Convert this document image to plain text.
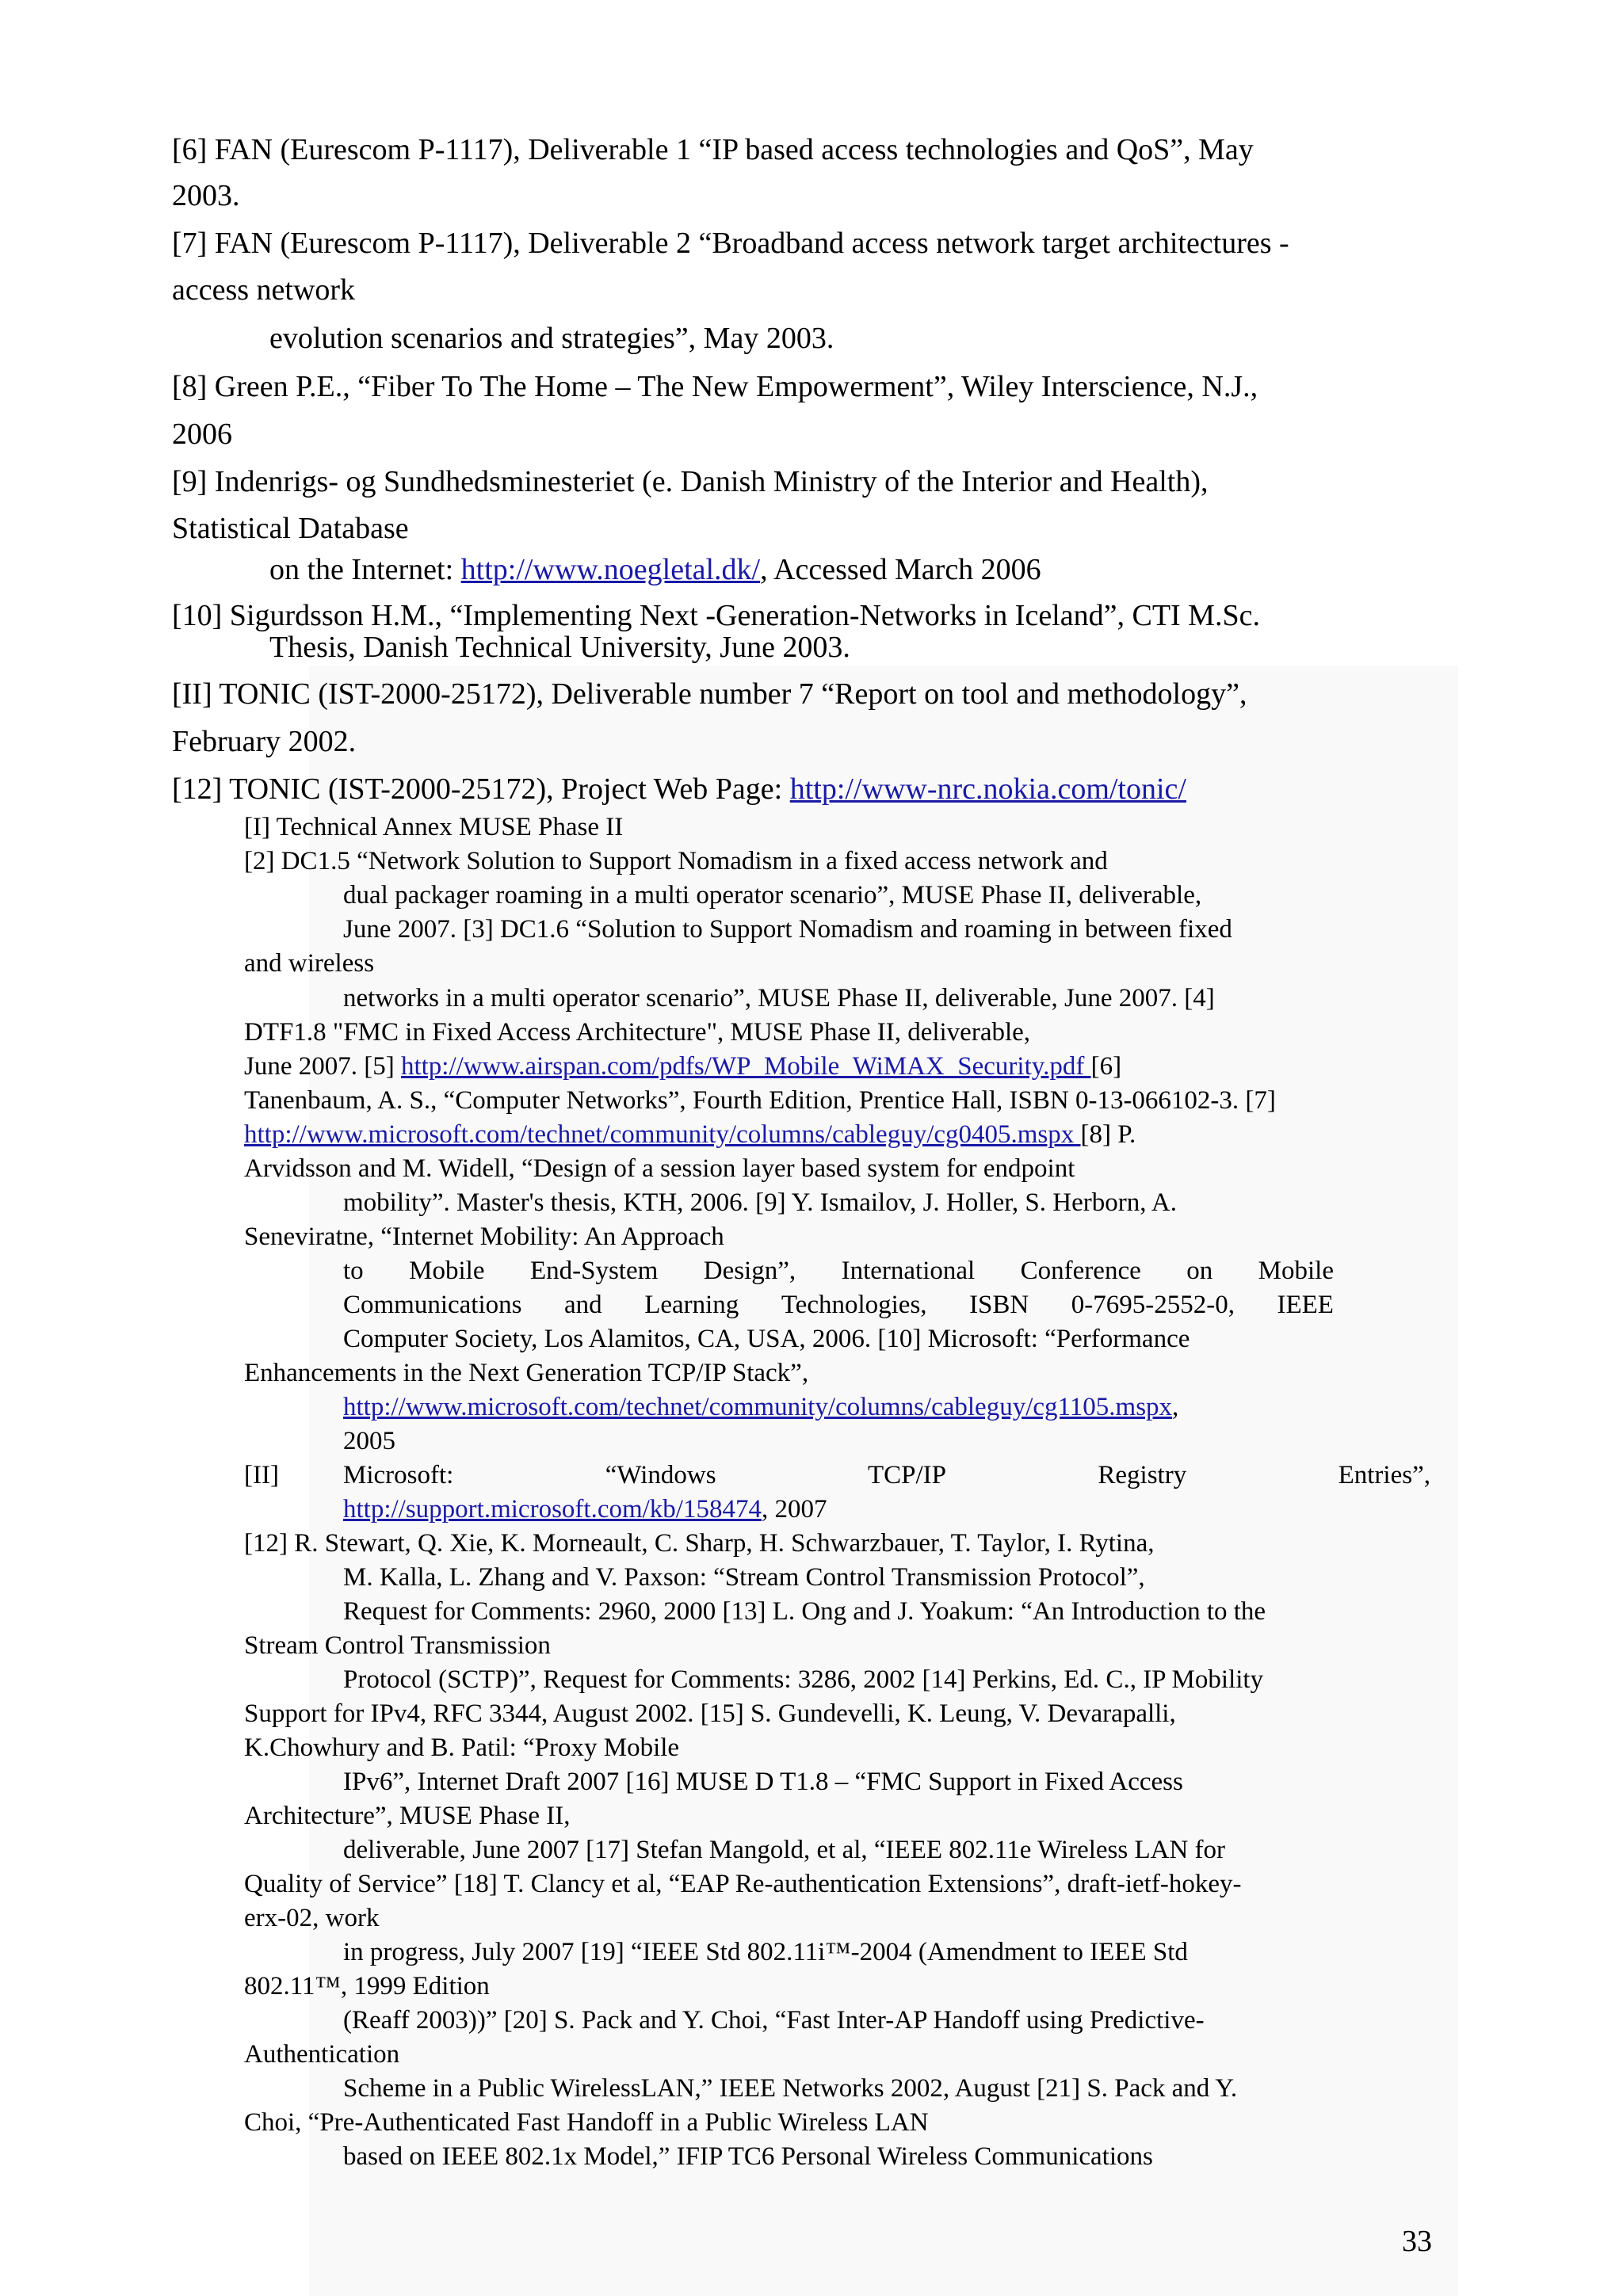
[6] FAN (Eurescom P-1117), Deliverable 1 “IP based access technologies and QoS”, May

2003.

[7] FAN (Eurescom P-1117), Deliverable 2 “Broadband access network target architectures -

access network

evolution scenarios and strategies”, May 2003.

[8] Green P.E., “Fiber To The Home – The New Empowerment”, Wiley Interscience, N.J.,

2006

[9] Indenrigs- og Sundhedsminesteriet (e. Danish Ministry of the Interior and Health),

Statistical Database

on the Internet: http://www.noegletal.dk/, Accessed March 2006

[10] Sigurdsson H.M., “Implementing Next -Generation-Networks in Iceland”, CTI M.Sc.

Thesis, Danish Technical University, June 2003.

[II] TONIC (IST-2000-25172), Deliverable number 7 “Report on tool and methodology”,

February 2002.

[12] TONIC (IST-2000-25172), Project Web Page: http://www-nrc.nokia.com/tonic/

[I] Technical Annex MUSE Phase II

[2] DC1.5 “Network Solution to Support Nomadism in a fixed access network and

dual packager roaming in a multi operator scenario”, MUSE Phase II, deliverable,

June 2007. [3] DC1.6 “Solution to Support Nomadism and roaming in between fixed

and wireless

networks in a multi operator scenario”, MUSE Phase II, deliverable, June 2007. [4]

DTF1.8 "FMC in Fixed Access Architecture", MUSE Phase II, deliverable,

June 2007. [5] http://www.airspan.com/pdfs/WP_Mobile_WiMAX_Security.pdf [6]

Tanenbaum, A. S., “Computer Networks”, Fourth Edition, Prentice Hall, ISBN 0-13-066102-3. [7]

http://www.microsoft.com/technet/community/columns/cableguy/cg0405.mspx [8] P.

Arvidsson and M. Widell, “Design of a session layer based system for endpoint

mobility”. Master's thesis, KTH, 2006. [9] Y. Ismailov, J. Holler, S. Herborn, A.

Seneviratne, “Internet Mobility: An Approach

to Mobile End-System Design”, International Conference on Mobile
Communications and Learning Technologies, ISBN 0-7695-2552-0, IEEE

Computer Society, Los Alamitos, CA, USA, 2006. [10] Microsoft: “Performance

Enhancements in the Next Generation TCP/IP Stack”,

http://www.microsoft.com/technet/community/columns/cableguy/cg1105.mspx,

2005

[II] Microsoft:	“Windows	TCP/IP	Registry	Entries”,

http://support.microsoft.com/kb/158474, 2007

[12] R. Stewart, Q. Xie, K. Morneault, C. Sharp, H. Schwarzbauer, T. Taylor, I. Rytina,

M. Kalla, L. Zhang and V. Paxson: “Stream Control Transmission Protocol”,

Request for Comments: 2960, 2000 [13] L. Ong and J. Yoakum: “An Introduction to the

Stream Control Transmission

Protocol (SCTP)”, Request for Comments: 3286, 2002 [14] Perkins, Ed. C., IP Mobility

Support for IPv4, RFC 3344, August 2002. [15] S. Gundevelli, K. Leung, V. Devarapalli,

K.Chowhury and B. Patil: “Proxy Mobile

IPv6”, Internet Draft 2007 [16] MUSE D T1.8 – “FMC Support in Fixed Access

Architecture”, MUSE Phase II,

deliverable, June 2007 [17] Stefan Mangold, et al, “IEEE 802.11e Wireless LAN for

Quality of Service” [18] T. Clancy et al, “EAP Re-authentication Extensions”, draft-ietf-hokey-

erx-02, work

in progress, July 2007 [19] “IEEE Std 802.11i™-2004 (Amendment to IEEE Std

802.11™, 1999 Edition

(Reaff 2003))” [20] S. Pack and Y. Choi, “Fast Inter-AP Handoff using Predictive-

Authentication

Scheme in a Public WirelessLAN,” IEEE Networks 2002, August [21] S. Pack and Y.

Choi, “Pre-Authenticated Fast Handoff in a Public Wireless LAN

based on IEEE 802.1x Model,” IFIP TC6 Personal Wireless Communications

33
